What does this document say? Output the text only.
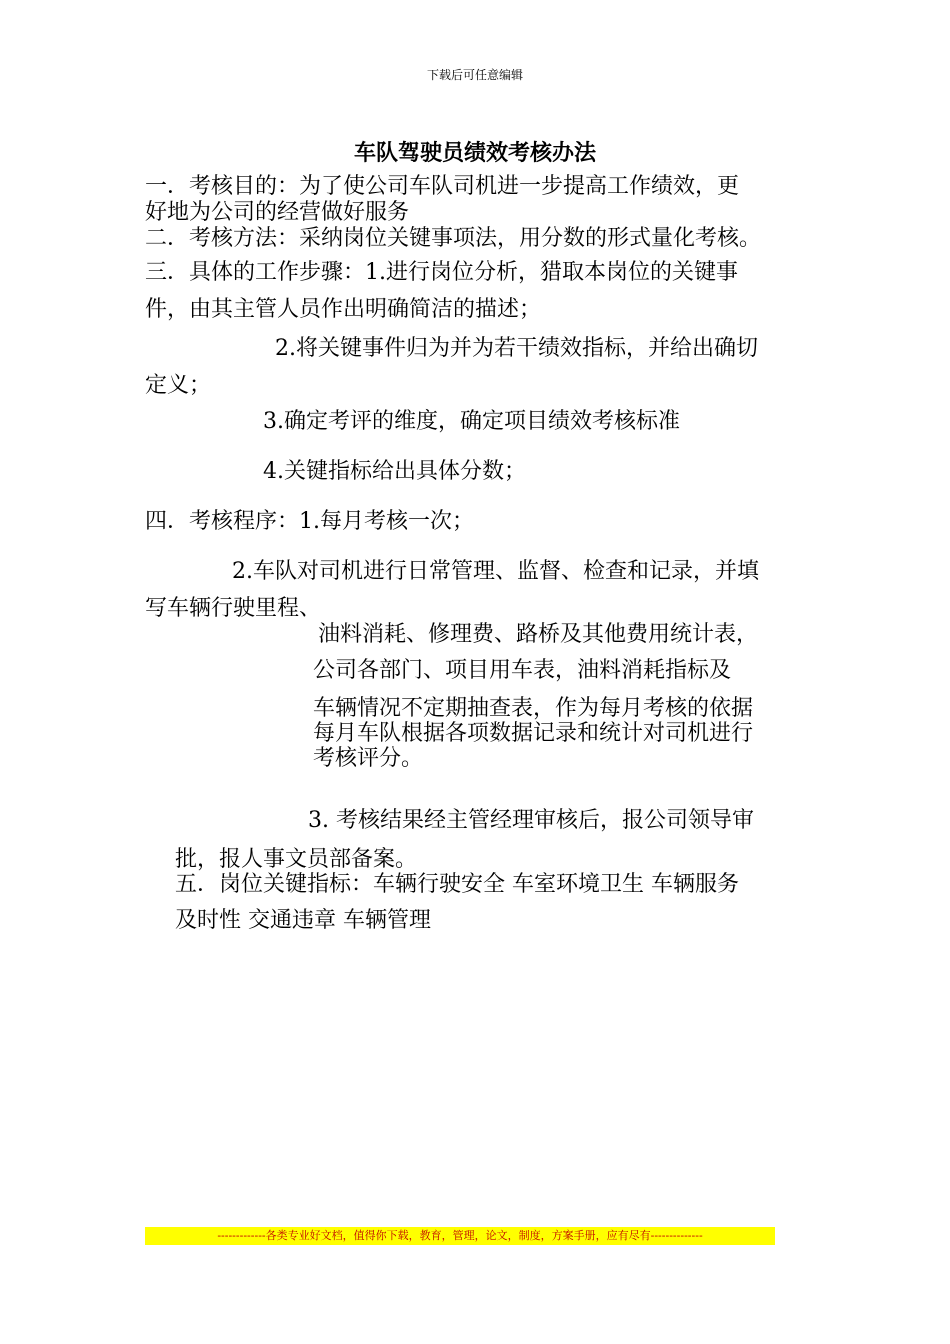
下载后可任意编辑
车队驾驶员绩效考核办法
一．考核目的：为了使公司车队司机进一步提高工作绩效，更
好地为公司的经营做好服务
二．考核方法：采纳岗位关键事项法，用分数的形式量化考核。
三．具体的工作步骤：1.进行岗位分析，猎取本岗位的关键事
件，由其主管人员作出明确简洁的描述；
2.将关键事件归为并为若干绩效指标，并给出确切
定义；
3.确定考评的维度，确定项目绩效考核标准
4.关键指标给出具体分数；
四．考核程序：1.每月考核一次；
2.车队对司机进行日常管理、监督、检查和记录，并填
写车辆行驶里程、
油料消耗、修理费、路桥及其他费用统计表，
公司各部门、项目用车表，油料消耗指标及
车辆情况不定期抽查表，作为每月考核的依据
每月车队根据各项数据记录和统计对司机进行
考核评分。
3. 考核结果经主管经理审核后，报公司领导审
批，报人事文员部备案。
五．岗位关键指标：车辆行驶安全 车室环境卫生 车辆服务
及时性 交通违章 车辆管理
-------------各类专业好文档，值得你下载，教育，管理，论文，制度，方案手册，应有尽有--------------
